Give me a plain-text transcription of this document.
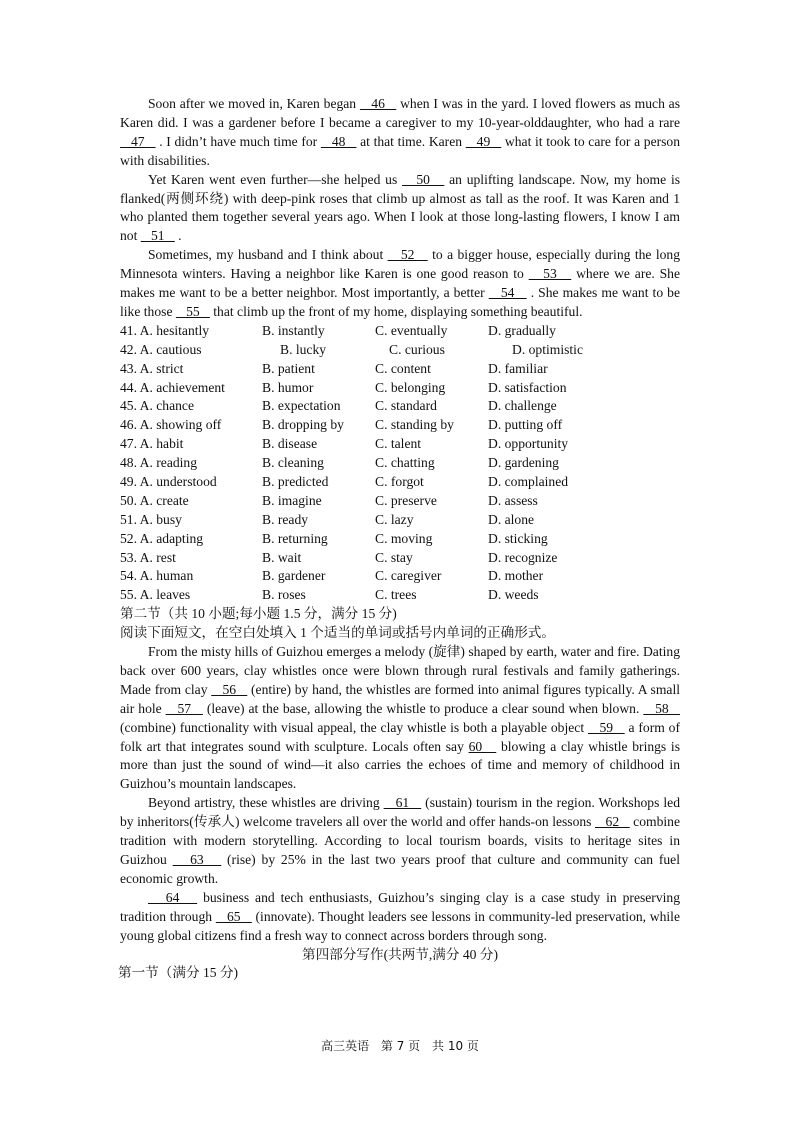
Soon after we moved in, Karen began    46    when I was in the yard. I loved flowers as much as Karen did. I was a gardener before I became a caregiver to my 10-year-olddaughter, who had a rare    47    . I didn’t have much time for    48    at that time. Karen    49    what it took to care for a person with disabilities.

Yet Karen went even further—she helped us    50    an uplifting landscape. Now, my home is flanked(两侧环绕) with deep-pink roses that climb up almost as tall as the roof. It was Karen and 1 who planted them together several years ago. When I look at those long-lasting flowers, I know I am not    51    .

Sometimes, my husband and I think about    52    to a bigger house, especially during the long Minnesota winters. Having a neighbor like Karen is one good reason to    53    where we are. She makes me want to be a better neighbor. Most importantly, a better    54    . She makes me want to be like those    55    that climb up the front of my home, displaying something beautiful.

41. A. hesitantly	B. instantly	C. eventually	D. gradually
42. A. cautious	B. lucky	C. curious	D. optimistic
43. A. strict	B. patient	C. content	D. familiar
44. A. achievement	B. humor	C. belonging	D. satisfaction
45. A. chance	B. expectation	C. standard	D. challenge
46. A. showing off	B. dropping by	C. standing by	D. putting off
47. A. habit	B. disease	C. talent	D. opportunity
48. A. reading	B. cleaning	C. chatting	D. gardening
49. A. understood	B. predicted	C. forgot	D. complained
50. A. create	B. imagine	C. preserve	D. assess
51. A. busy	B. ready	C. lazy	D. alone
52. A. adapting	B. returning	C. moving	D. sticking
53. A. rest	B. wait	C. stay	D. recognize
54. A. human	B. gardener	C. caregiver	D. mother
55. A. leaves	B. roses	C. trees	D. weeds
第二节（共 10 小题;每小题 1.5 分，满分 15 分)
阅读下面短文，在空白处填入 1 个适当的单词或括号内单词的正确形式。

From the misty hills of Guizhou emerges a melody (旋律) shaped by earth, water and fire. Dating back over 600 years, clay whistles once were blown through rural festivals and family gatherings. Made from clay    56    (entire) by hand, the whistles are formed into animal figures typically. A small air hole    57    (leave) at the base, allowing the whistle to produce a clear sound when blown.    58    (combine) functionality with visual appeal, the clay whistle is both a playable object    59    a form of folk art that integrates sound with sculpture. Locals often say 60    blowing a clay whistle brings is more than just the sound of wind—it also carries the echoes of time and memory of childhood in Guizhou’s mountain landscapes.

Beyond artistry, these whistles are driving    61    (sustain) tourism in the region. Workshops led by inheritors(传承人) welcome travelers all over the world and offer hands-on lessons    62    combine tradition with modern storytelling. According to local tourism boards, visits to heritage sites in Guizhou    63    (rise) by 25% in the last two years proof that culture and community can fuel economic growth.

64    business and tech enthusiasts, Guizhou’s singing clay is a case study in preserving tradition through    65    (innovate). Thought leaders see lessons in community-led preservation, while young global citizens find a fresh way to connect across borders through song.

第四部分写作(共两节,满分 40 分)
第一节（满分 15 分)
高三英语 第 7 页 共 10 页
